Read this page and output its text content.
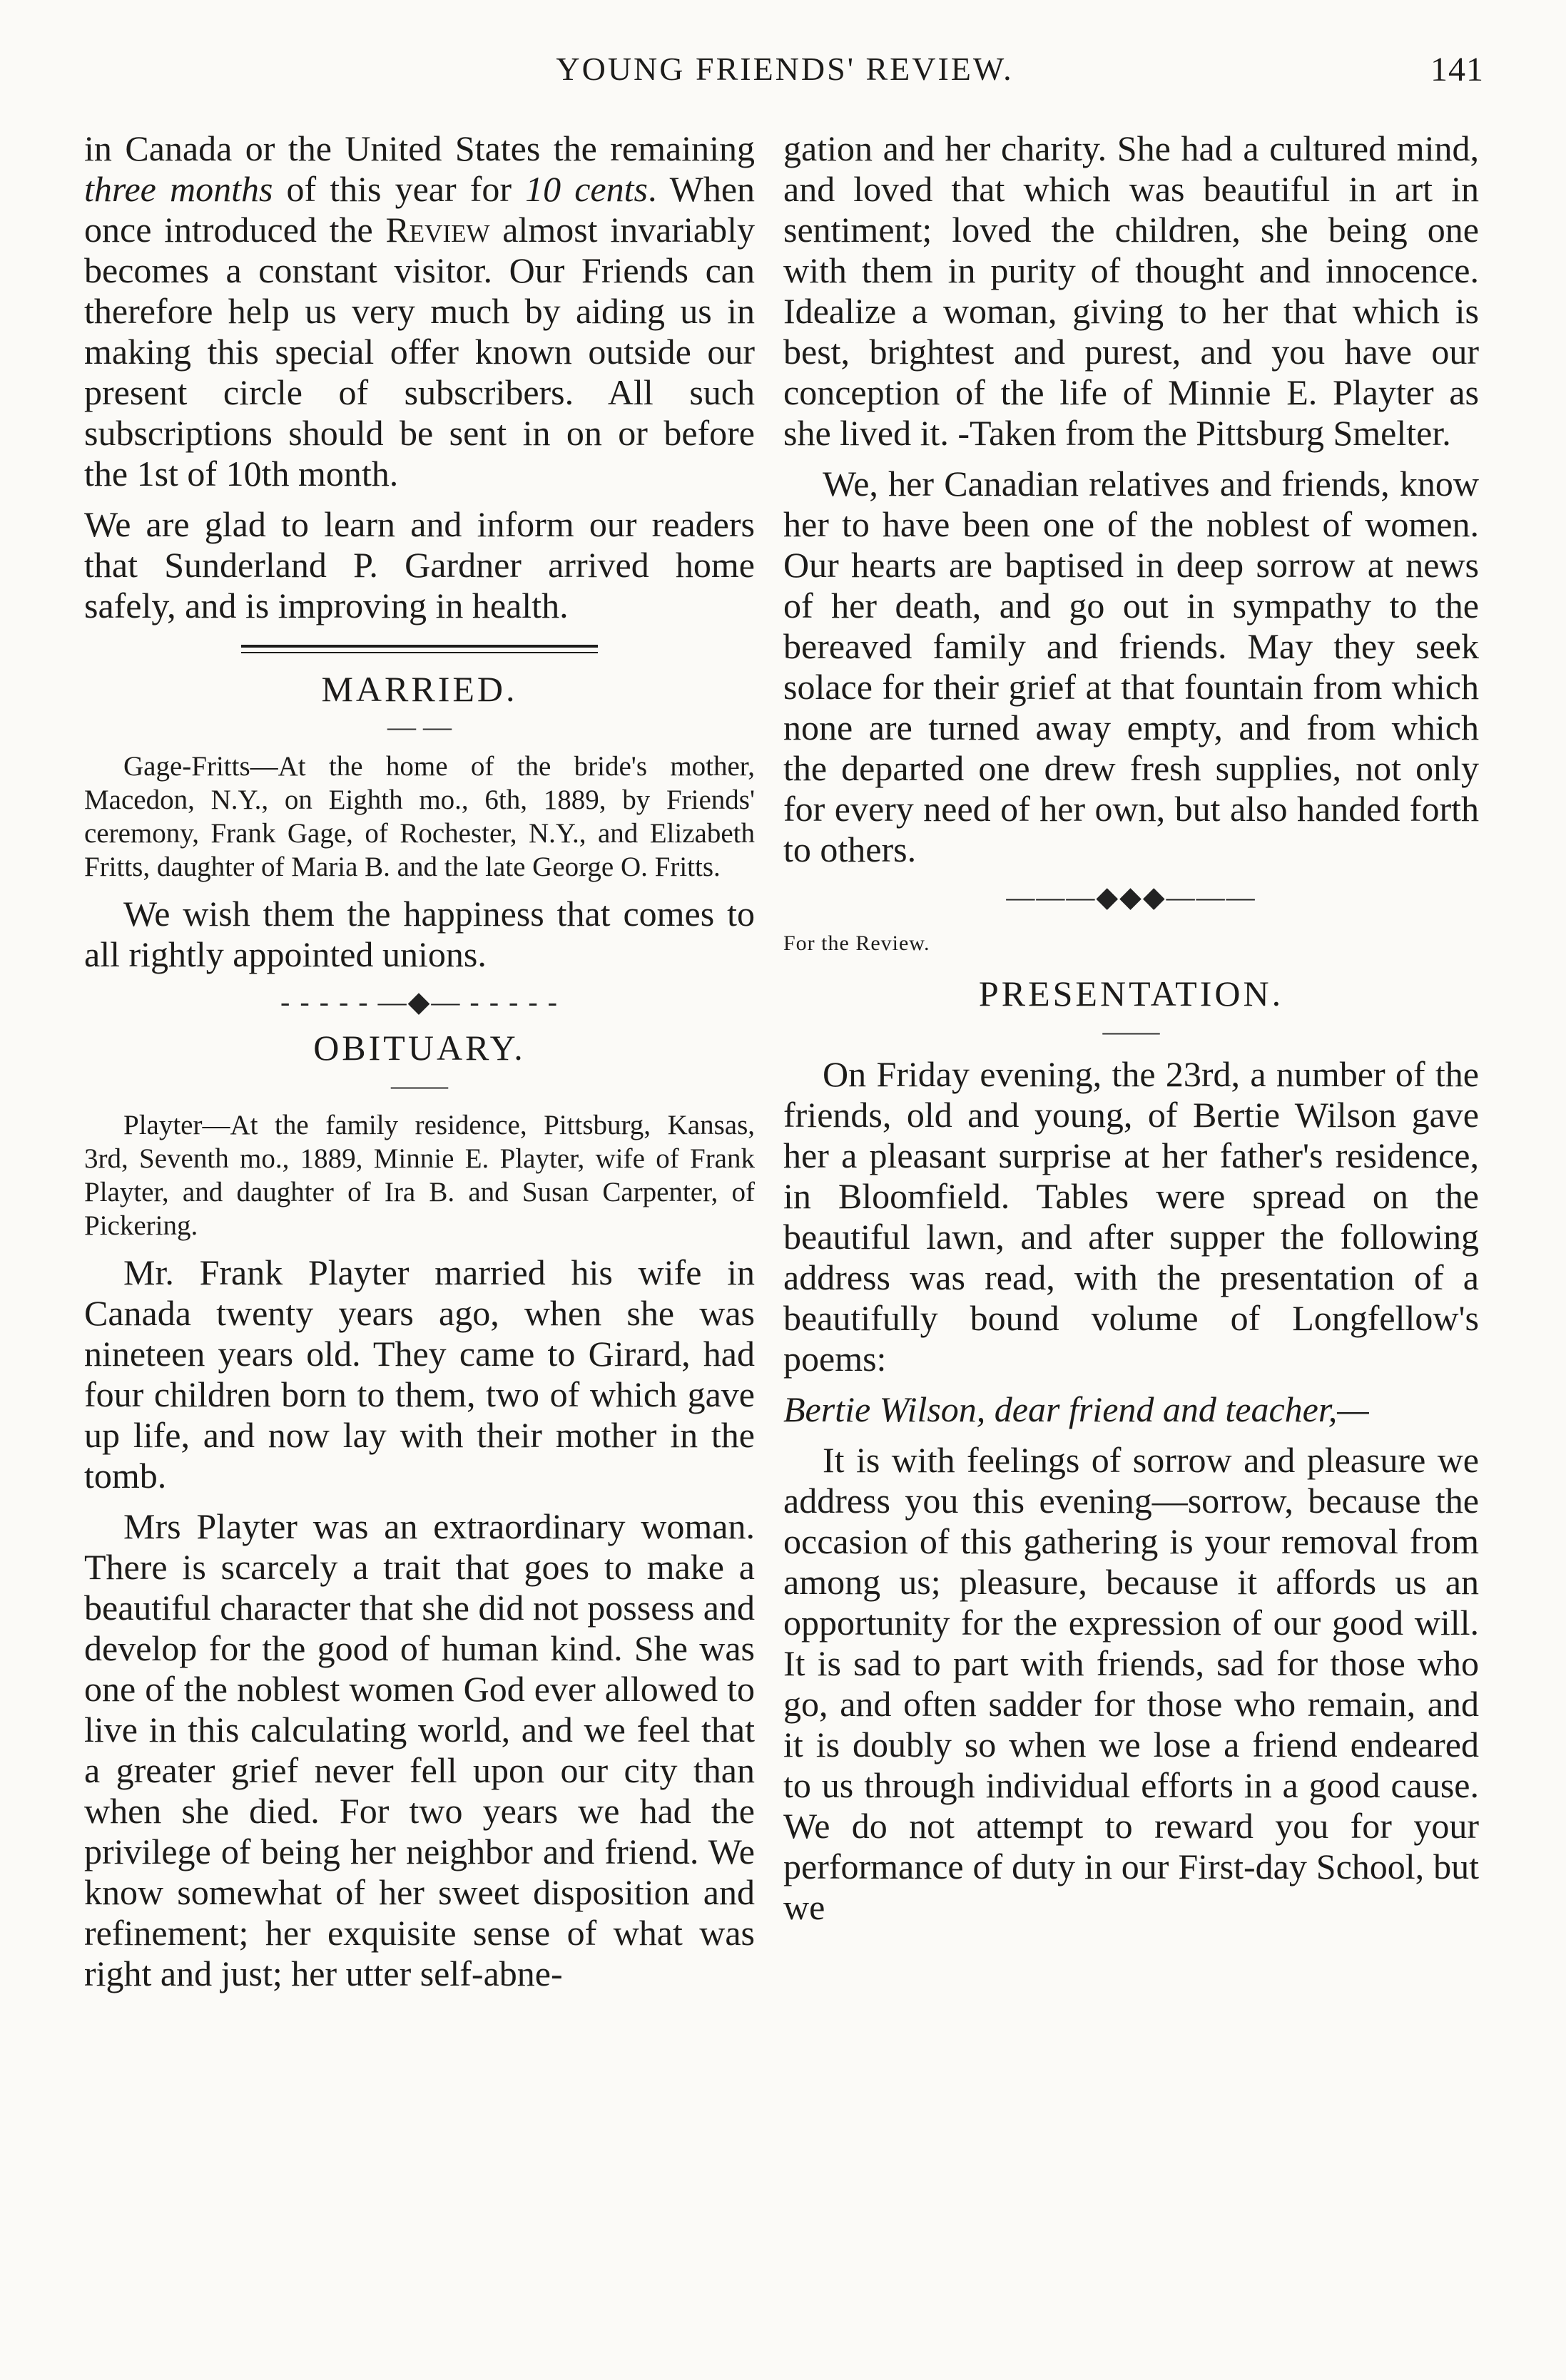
YOUNG FRIENDS' REVIEW.	141

in Canada or the United States the remaining three months of this year for 10 cents. When once introduced the Review almost invariably becomes a constant visitor. Our Friends can therefore help us very much by aiding us in making this special offer known outside our present circle of subscribers. All such subscriptions should be sent in on or before the 1st of 10th month.

We are glad to learn and inform our readers that Sunderland P. Gardner arrived home safely, and is improving in health.

MARRIED.
— —

Gage-Fritts—At the home of the bride's mother, Macedon, N.Y., on Eighth mo., 6th, 1889, by Friends' ceremony, Frank Gage, of Rochester, N.Y., and Elizabeth Fritts, daughter of Maria B. and the late George O. Fritts.

We wish them the happiness that comes to all rightly appointed unions.

- - - - - —◆— - - - - -
OBITUARY.
——

Playter—At the family residence, Pittsburg, Kansas, 3rd, Seventh mo., 1889, Minnie E. Playter, wife of Frank Playter, and daughter of Ira B. and Susan Carpenter, of Pickering.

Mr. Frank Playter married his wife in Canada twenty years ago, when she was nineteen years old. They came to Girard, had four children born to them, two of which gave up life, and now lay with their mother in the tomb.

Mrs Playter was an extraordinary woman. There is scarcely a trait that goes to make a beautiful character that she did not possess and develop for the good of human kind. She was one of the noblest women God ever allowed to live in this calculating world, and we feel that a greater grief never fell upon our city than when she died. For two years we had the privilege of being her neighbor and friend. We know somewhat of her sweet disposition and refinement; her exquisite sense of what was right and just; her utter self-abne-

gation and her charity. She had a cultured mind, and loved that which was beautiful in art in sentiment; loved the children, she being one with them in purity of thought and innocence. Idealize a woman, giving to her that which is best, brightest and purest, and you have our conception of the life of Minnie E. Playter as she lived it. -Taken from the Pittsburg Smelter.

We, her Canadian relatives and friends, know her to have been one of the noblest of women. Our hearts are baptised in deep sorrow at news of her death, and go out in sympathy to the bereaved family and friends. May they seek solace for their grief at that fountain from which none are turned away empty, and from which the departed one drew fresh supplies, not only for every need of her own, but also handed forth to others.

———◆◆◆———
For the Review.
PRESENTATION.
——

On Friday evening, the 23rd, a number of the friends, old and young, of Bertie Wilson gave her a pleasant surprise at her father's residence, in Bloomfield. Tables were spread on the beautiful lawn, and after supper the following address was read, with the presentation of a beautifully bound volume of Longfellow's poems:

Bertie Wilson, dear friend and teacher,—

It is with feelings of sorrow and pleasure we address you this evening—sorrow, because the occasion of this gathering is your removal from among us; pleasure, because it affords us an opportunity for the expression of our good will. It is sad to part with friends, sad for those who go, and often sadder for those who remain, and it is doubly so when we lose a friend endeared to us through individual efforts in a good cause. We do not attempt to reward you for your performance of duty in our First-day School, but we
